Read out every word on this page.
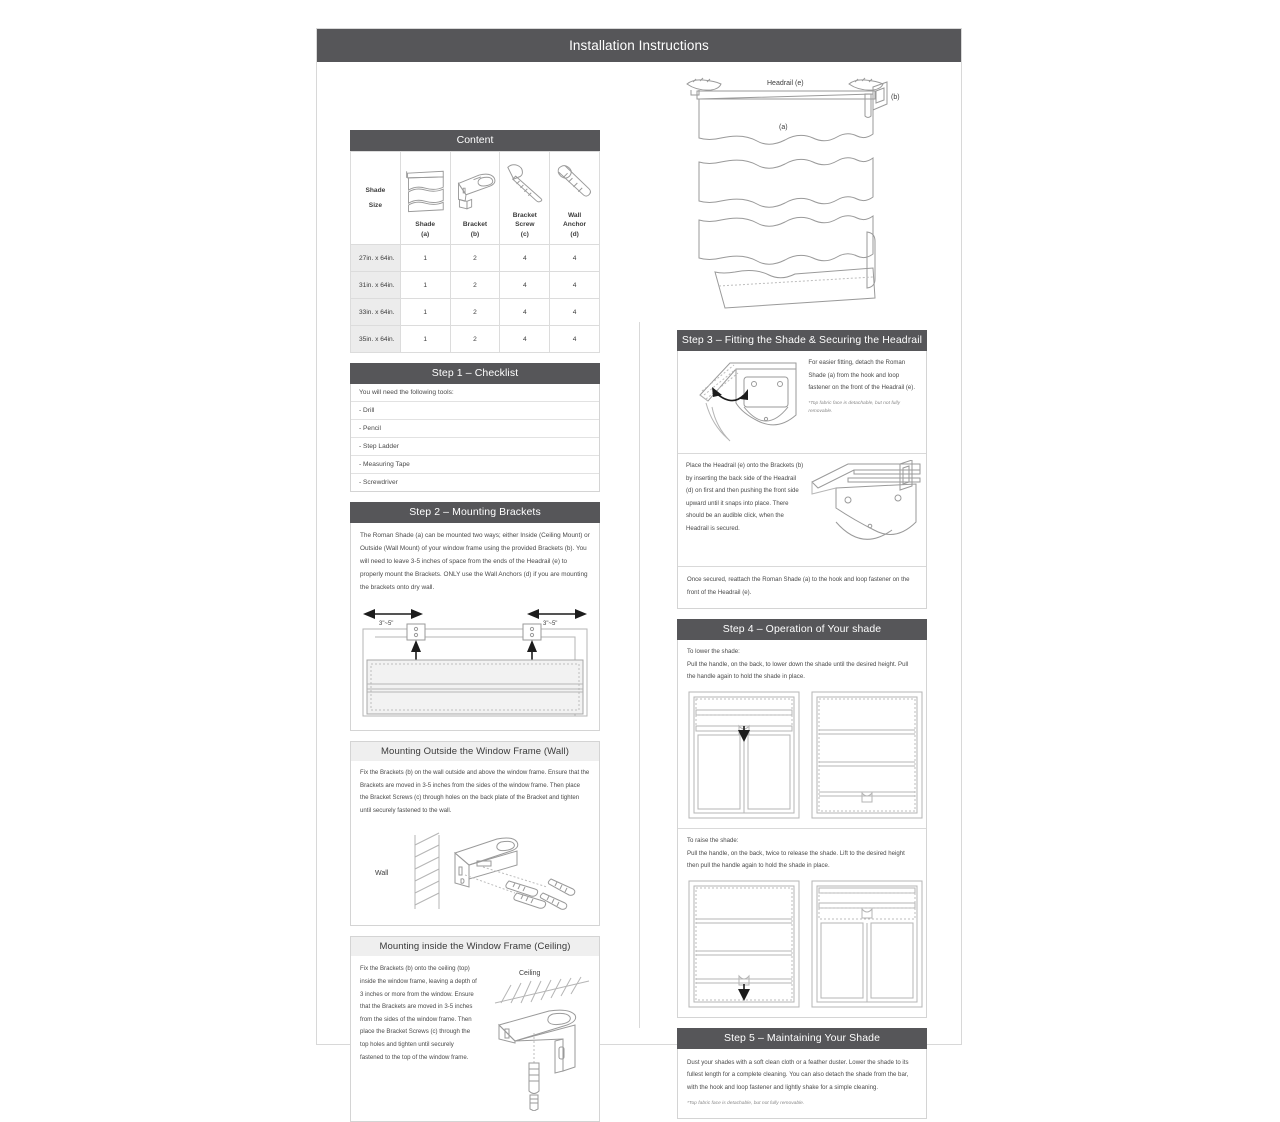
Installation Instructions
Headrail (e)
(a)
(b)
Content
Shade
Size

Shade
(a)

Bracket
(b)

Bracket
Screw
(c)

Wall
Anchor
(d)

27in. x 64in.	1	2	4	4
31in. x 64in.	1	2	4	4
33in. x 64in.	1	2	4	4
35in. x 64in.	1	2	4	4
Step 1 – Checklist
You will need the following tools:
- Drill
- Pencil
- Step Ladder
- Measuring Tape
- Screwdriver
Step 2 – Mounting Brackets

The Roman Shade (a) can be mounted two ways; either Inside (Ceiling Mount) or Outside (Wall Mount) of your window frame using the provided Brackets (b). You will need to leave 3-5 inches of space from the ends of the Headrail (e) to properly mount the Brackets. ONLY use the Wall Anchors (d) if you are mounting the brackets onto dry wall.

3"~5"	3"~5"
Mounting Outside the Window Frame (Wall)

Fix the Brackets (b) on the wall outside and above the window frame. Ensure that the Brackets are moved in 3-5 inches from the sides of the window frame. Then place the Bracket Screws (c) through holes on the back plate of the Bracket and tighten until securely fastened to the wall.

Wall
Mounting inside the Window Frame (Ceiling)

Fix the Brackets (b) onto the ceiling (top) inside the window frame, leaving a depth of 3 inches or more from the window. Ensure that the Brackets are moved in 3-5 inches from the sides of the window frame. Then place the Bracket Screws (c) through the top holes and tighten until securely fastened to the top of the window frame.

Ceiling
Step 3 – Fitting the Shade & Securing the Headrail

For easier fitting, detach the Roman Shade (a) from the hook and loop fastener on the front of the Headrail (e).

*Top fabric face is detachable, but not fully removable.

Place the Headrail (e) onto the Brackets (b) by inserting the back side of the Headrail (d) on first and then pushing the front side upward until it snaps into place. There should be an audible click, when the Headrail is secured.

Once secured, reattach the Roman Shade (a) to the hook and loop fastener on the front of the Headrail (e).

Step 4 – Operation of Your shade

To lower the shade:

Pull the handle, on the back, to lower down the shade until the desired height. Pull the handle again to hold the shade in place.

To raise the shade:

Pull the handle, on the back, twice to release the shade. Lift to the desired height then pull the handle again to hold the shade in place.

Step 5 – Maintaining Your Shade

Dust your shades with a soft clean cloth or a feather duster. Lower the shade to its fullest length for a complete cleaning. You can also detach the shade from the bar, with the hook and loop fastener and lightly shake for a simple cleaning.

*Top fabric face is detachable, but not fully removable.
